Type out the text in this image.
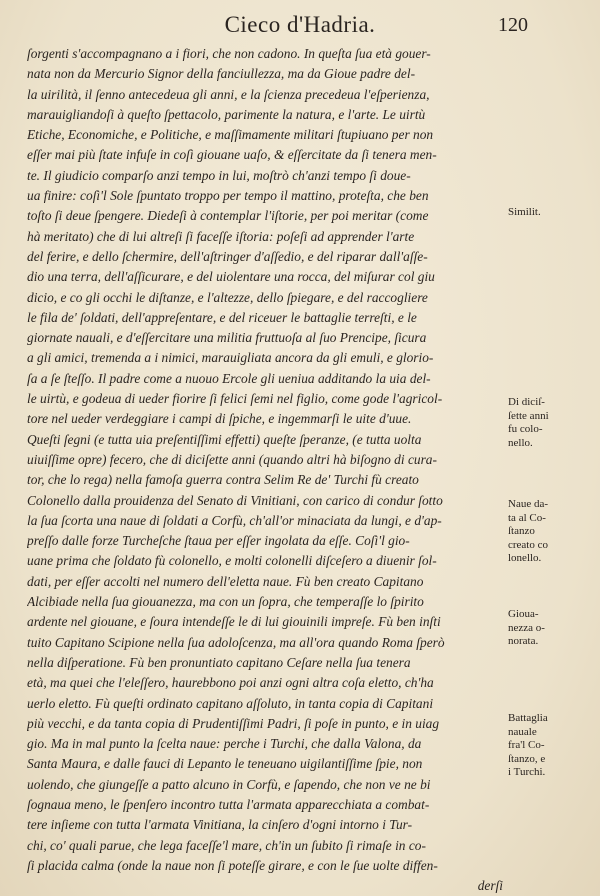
Cieco d'Hadria.	120
ſorgenti s'accompagnano a i fiori, che non cadono. In queſta ſua età gouer-
nata non da Mercurio Signor della fanciullezza, ma da Gioue padre del-
la uirilità, il ſenno antecedeua gli anni, e la ſcienza precedeua l'eſperienza,
marauigliandoſi à queſto ſpettacolo, parimente la natura, e l'arte. Le uirtù
Etiche, Economiche, e Politiche, e maſſimamente militari ſtupiuano per non
eſſer mai più ſtate infuſe in coſì giouane uaſo, & eſſercitate da ſi tenera men-
te. Il giudicio comparſo anzi tempo in lui, moſtrò ch'anzi tempo ſi doue-
ua finire: coſì'l Sole ſpuntato troppo per tempo il mattino, proteſta, che ben
toſto ſi deue ſpengere. Diedeſi à contemplar l'iſtorie, per poi meritar (come
hà meritato) che di lui altreſi ſi faceſſe iſtoria: poſeſi ad apprender l'arte
del ferire, e dello ſchermire, dell'aſtringer d'aſſedio, e del riparar dall'aſſe-
dio una terra, dell'aſſicurare, e del uiolentare una rocca, del miſurar col giu
dicio, e co gli occhi le diſtanze, e l'altezze, dello ſpiegare, e del raccogliere
le fila de' ſoldati, dell'appreſentare, e del riceuer le battaglie terreſti, e le
giornate nauali, e d'eſſercitare una militia fruttuoſa al ſuo Prencipe, ſicura
a gli amici, tremenda a i nimici, marauigliata ancora da gli emuli, e glorio-
ſa a ſe ſteſſo. Il padre come a nuouo Ercole gli ueniua additando la uia del-
le uirtù, e godeua di ueder fiorire ſi felici ſemi nel figlio, come gode l'agricol-
tore nel ueder verdeggiare i campi di ſpiche, e ingemmarſi le uite d'uue.
Queſti ſegni (e tutta uia preſentiſſimi effetti) queſte ſperanze, (e tutta uolta
uiuiſſime opre) fecero, che di diciſette anni (quando altri hà biſogno di cura-
tor, che lo rega) nella famoſa guerra contra Selim Re de' Turchi fù creato
Colonello dalla prouidenza del Senato di Vinitiani, con carico di condur ſotto
la ſua ſcorta una naue di ſoldati a Corfù, ch'all'or minaciata da lungi, e d'ap-
preſſo dalle forze Turcheſche ſtaua per eſſer ingolata da eſſe. Coſì'l gio-
uane prima che ſoldato fù colonello, e molti colonelli diſceſero a diuenir ſol-
dati, per eſſer accolti nel numero dell'eletta naue. Fù ben creato Capitano
Alcibiade nella ſua giouanezza, ma con un ſopra, che temperaſſe lo ſpirito
ardente nel giouane, e ſoura intendeſſe le di lui giouinili impreſe. Fù ben inſti
tuito Capitano Scipione nella ſua adoloſcenza, ma all'ora quando Roma ſperò
nella diſperatione. Fù ben pronuntiato capitano Ceſare nella ſua tenera
età, ma quei che l'eleſſero, haurebbono poi anzi ogni altra coſa eletto, ch'ha
uerlo eletto. Fù queſti ordinato capitano aſſoluto, in tanta copia di Capitani
più vecchi, e da tanta copia di Prudentiſſimi Padri, ſi poſe in punto, e in uiag
gio. Ma in mal punto la ſcelta naue: perche i Turchi, che dalla Valona, da
Santa Maura, e dalle fauci di Lepanto le teneuano uigilantiſſime ſpie, non
uolendo, che giungeſſe a patto alcuno in Corfù, e ſapendo, che non ve ne bi
ſognaua meno, le ſpenſero incontro tutta l'armata apparecchiata a combat-
tere inſieme con tutta l'armata Vinitiana, la cinſero d'ogni intorno i Tur-
chi, co' quali parue, che lega faceſſe'l mare, ch'in un ſubito ſi rimaſe in co-
ſi placida calma (onde la naue non ſi poteſſe girare, e con le ſue uolte diffen-
derſi
Similit.
Di diciſ-
ſette anni
fu colo-
nello.
Naue da-
ta al Co-
ſtanzo
creato co
lonello.
Gioua-
nezza o-
norata.
Battaglia
nauale
fra'l Co-
ſtanzo, e
i Turchi.
